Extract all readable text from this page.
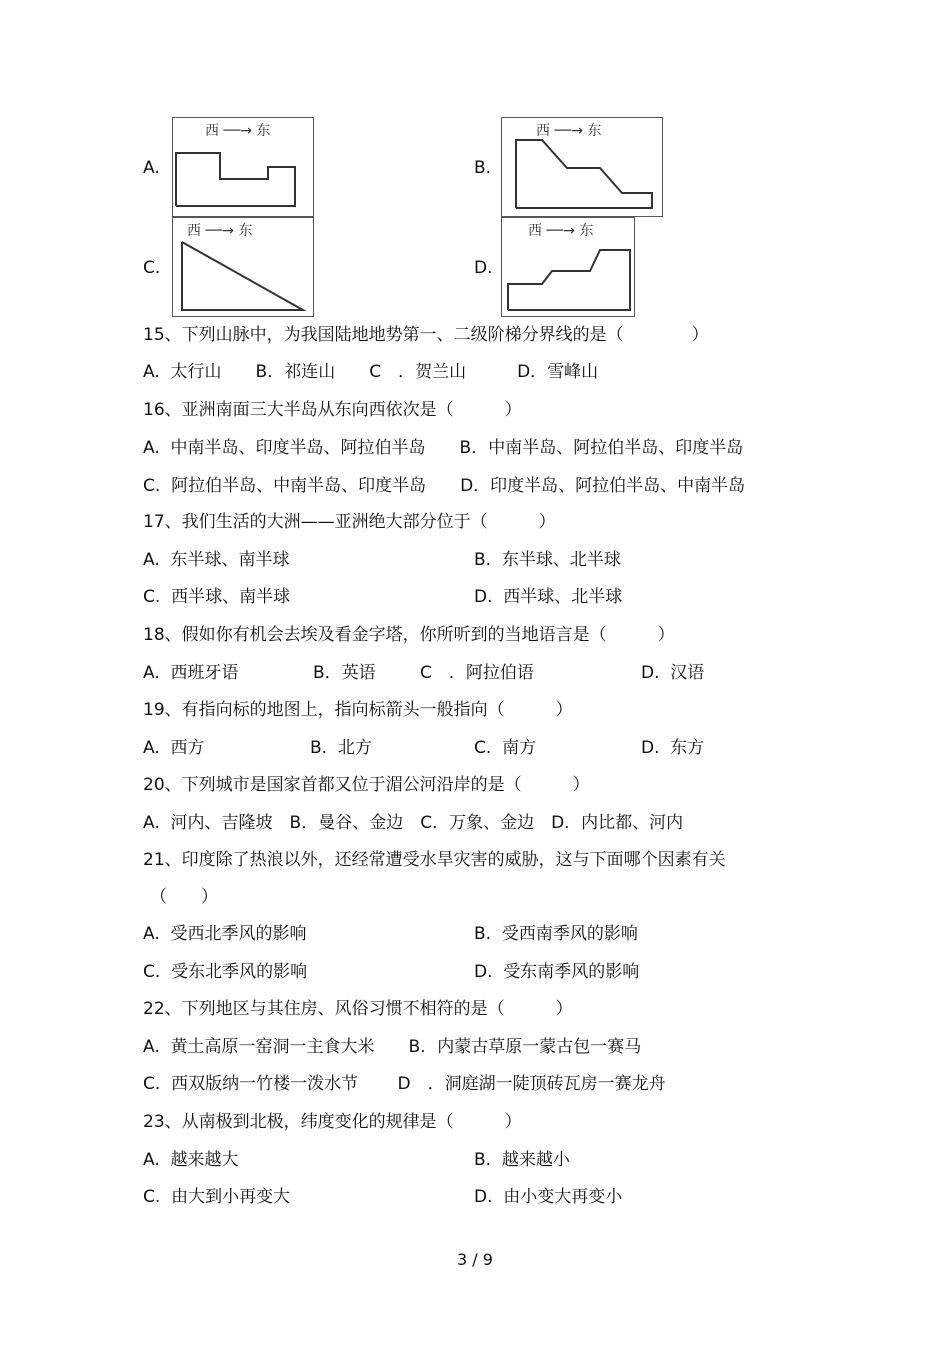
A.
西 ──→ 东
B.
西 ──→ 东
C.
西 ──→ 东
D.
西 ──→ 东
15、下列山脉中，为我国陆地地势第一、二级阶梯分界线的是（　　　　）
A.  太行山　　B．祁连山　　C　．贺兰山　　　D．雪峰山
16、亚洲南面三大半岛从东向西依次是（　　　）
A.  中南半岛、印度半岛、阿拉伯半岛　　B．中南半岛、阿拉伯半岛、印度半岛
C.  阿拉伯半岛、中南半岛、印度半岛　　D．印度半岛、阿拉伯半岛、中南半岛
17、我们生活的大洲——亚洲绝大部分位于（　　　）
A.  东半球、南半球	B.  东半球、北半球
C.  西半球、南半球	D.  西半球、北半球
18、假如你有机会去埃及看金字塔，你所听到的当地语言是（　　　）
A.  西班牙语	B．英语	C　．阿拉伯语	D.  汉语
19、有指向标的地图上，指向标箭头一般指向（　　　）
A.  西方	B.  北方	C.  南方	D.  东方
20、下列城市是国家首都又位于湄公河沿岸的是（　　　）
A.  河内、吉隆坡　B．曼谷、金边　C．万象、金边　D．内比都、河内
21、印度除了热浪以外，还经常遭受水旱灾害的威胁，这与下面哪个因素有关
（　　）
A.  受西北季风的影响	B.  受西南季风的影响
C.  受东北季风的影响	D.  受东南季风的影响
22、下列地区与其住房、风俗习惯不相符的是（　　　）
A.  黄土高原一窑洞一主食大米　　B．内蒙古草原一蒙古包一赛马
C.  西双版纳一竹楼一泼水节　　 D　．洞庭湖一陡顶砖瓦房一赛龙舟
23、从南极到北极，纬度变化的规律是（　　　）
A.  越来越大	B.  越来越小
C.  由大到小再变大	D.  由小变大再变小
3 / 9
